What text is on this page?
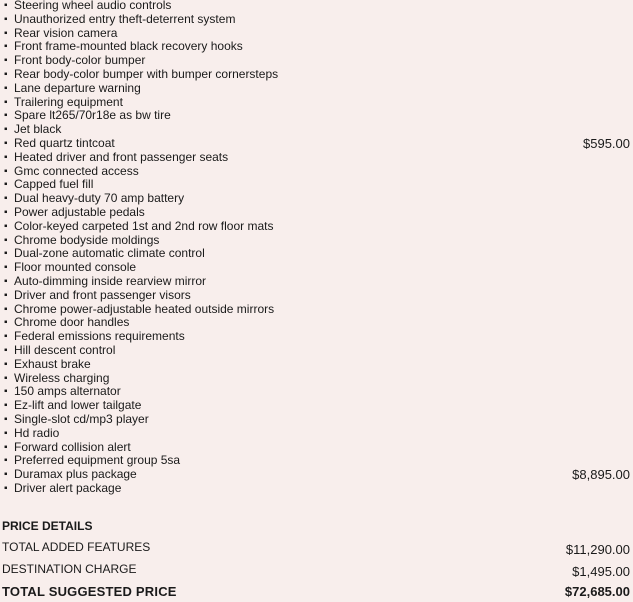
▪ Steering wheel audio controls
▪ Unauthorized entry theft-deterrent system
▪ Rear vision camera
▪ Front frame-mounted black recovery hooks
▪ Front body-color bumper
▪ Rear body-color bumper with bumper cornersteps
▪ Lane departure warning
▪ Trailering equipment
▪ Spare lt265/70r18e as bw tire
▪ Jet black
▪ Red quartz tintcoat	$595.00
▪ Heated driver and front passenger seats
▪ Gmc connected access
▪ Capped fuel fill
▪ Dual heavy-duty 70 amp battery
▪ Power adjustable pedals
▪ Color-keyed carpeted 1st and 2nd row floor mats
▪ Chrome bodyside moldings
▪ Dual-zone automatic climate control
▪ Floor mounted console
▪ Auto-dimming inside rearview mirror
▪ Driver and front passenger visors
▪ Chrome power-adjustable heated outside mirrors
▪ Chrome door handles
▪ Federal emissions requirements
▪ Hill descent control
▪ Exhaust brake
▪ Wireless charging
▪ 150 amps alternator
▪ Ez-lift and lower tailgate
▪ Single-slot cd/mp3 player
▪ Hd radio
▪ Forward collision alert
▪ Preferred equipment group 5sa
▪ Duramax plus package	$8,895.00
▪ Driver alert package
PRICE DETAILS
TOTAL ADDED FEATURES	$11,290.00
DESTINATION CHARGE	$1,495.00
TOTAL SUGGESTED PRICE	$72,685.00
